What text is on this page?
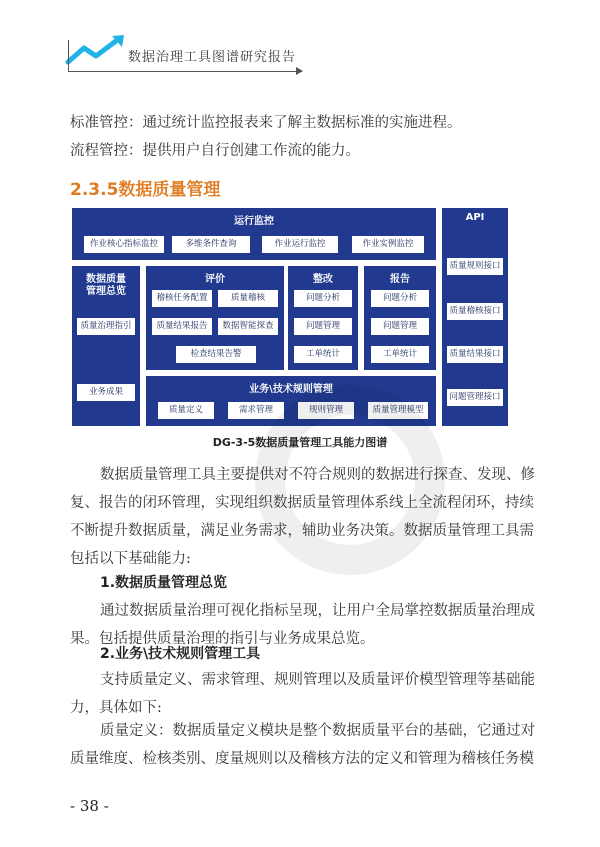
数据治理工具图谱研究报告
标准管控：通过统计监控报表来了解主数据标准的实施进程。
流程管控：提供用户自行创建工作流的能力。
2.3.5数据质量管理
运行监控
作业核心指标监控	多维条件查询	作业运行监控	作业实例监控
API
质量规则接口
质量稽核接口
质量结果接口
问题管理接口
数据质量
管理总览
质量治理指引
业务成果
评价
稽核任务配置	质量稽核
质量结果报告	数据智能探查
检查结果告警
整改
问题分析
问题管理
工单统计
报告
问题分析
问题管理
工单统计
业务\技术规则管理
质量定义	需求管理	规则管理	质量管理模型
DG-3-5数据质量管理工具能力图谱
数据质量管理工具主要提供对不符合规则的数据进行探查、发现、修
复、报告的闭环管理，实现组织数据质量管理体系线上全流程闭环，持续
不断提升数据质量，满足业务需求，辅助业务决策。数据质量管理工具需
包括以下基础能力:
1.数据质量管理总览
通过数据质量治理可视化指标呈现，让用户全局掌控数据质量治理成
果。包括提供质量治理的指引与业务成果总览。
2.业务\技术规则管理工具
支持质量定义、需求管理、规则管理以及质量评价模型管理等基础能
力，具体如下:
质量定义：数据质量定义模块是整个数据质量平台的基础，它通过对
质量维度、检核类别、度量规则以及稽核方法的定义和管理为稽核任务模
- 38 -
